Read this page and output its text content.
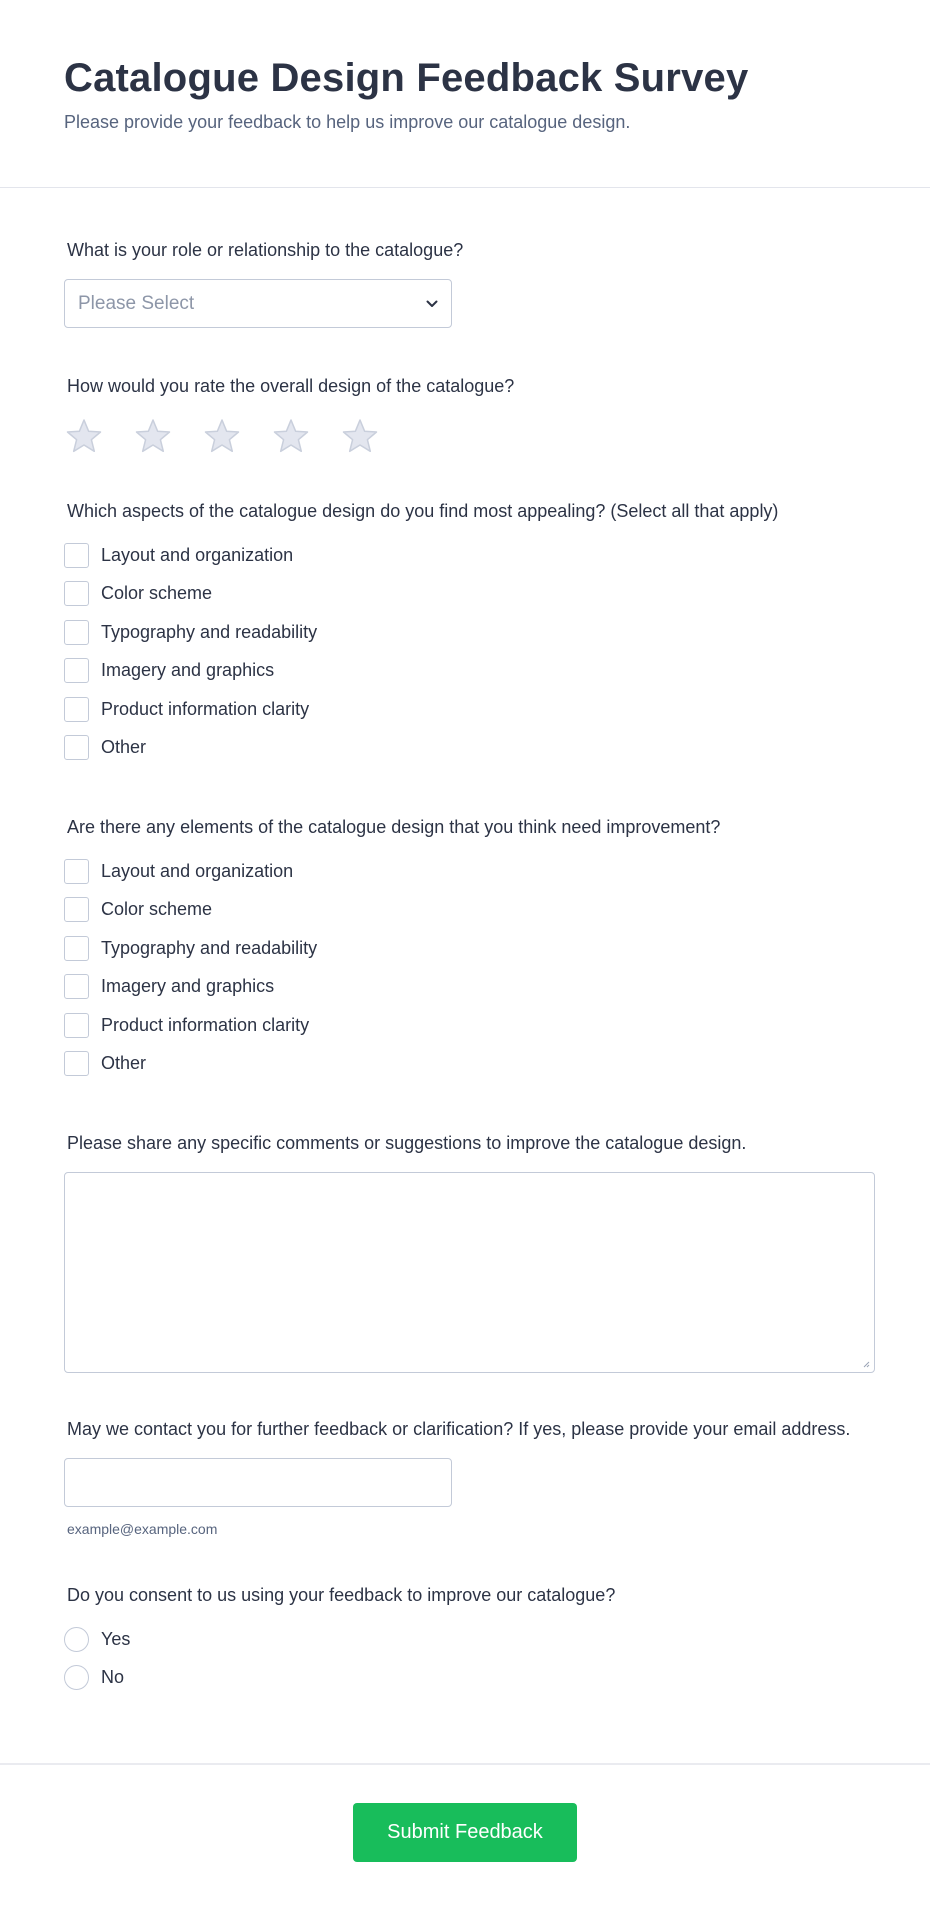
Catalogue Design Feedback Survey

Please provide your feedback to help us improve our catalogue design.

What is your role or relationship to the catalogue?
Please Select
How would you rate the overall design of the catalogue?
Which aspects of the catalogue design do you find most appealing? (Select all that apply)
Layout and organization
Color scheme
Typography and readability
Imagery and graphics
Product information clarity
Other
Are there any elements of the catalogue design that you think need improvement?
Layout and organization
Color scheme
Typography and readability
Imagery and graphics
Product information clarity
Other
Please share any specific comments or suggestions to improve the catalogue design.
May we contact you for further feedback or clarification? If yes, please provide your email address.
example@example.com
Do you consent to us using your feedback to improve our catalogue?
Yes
No
Submit Feedback
